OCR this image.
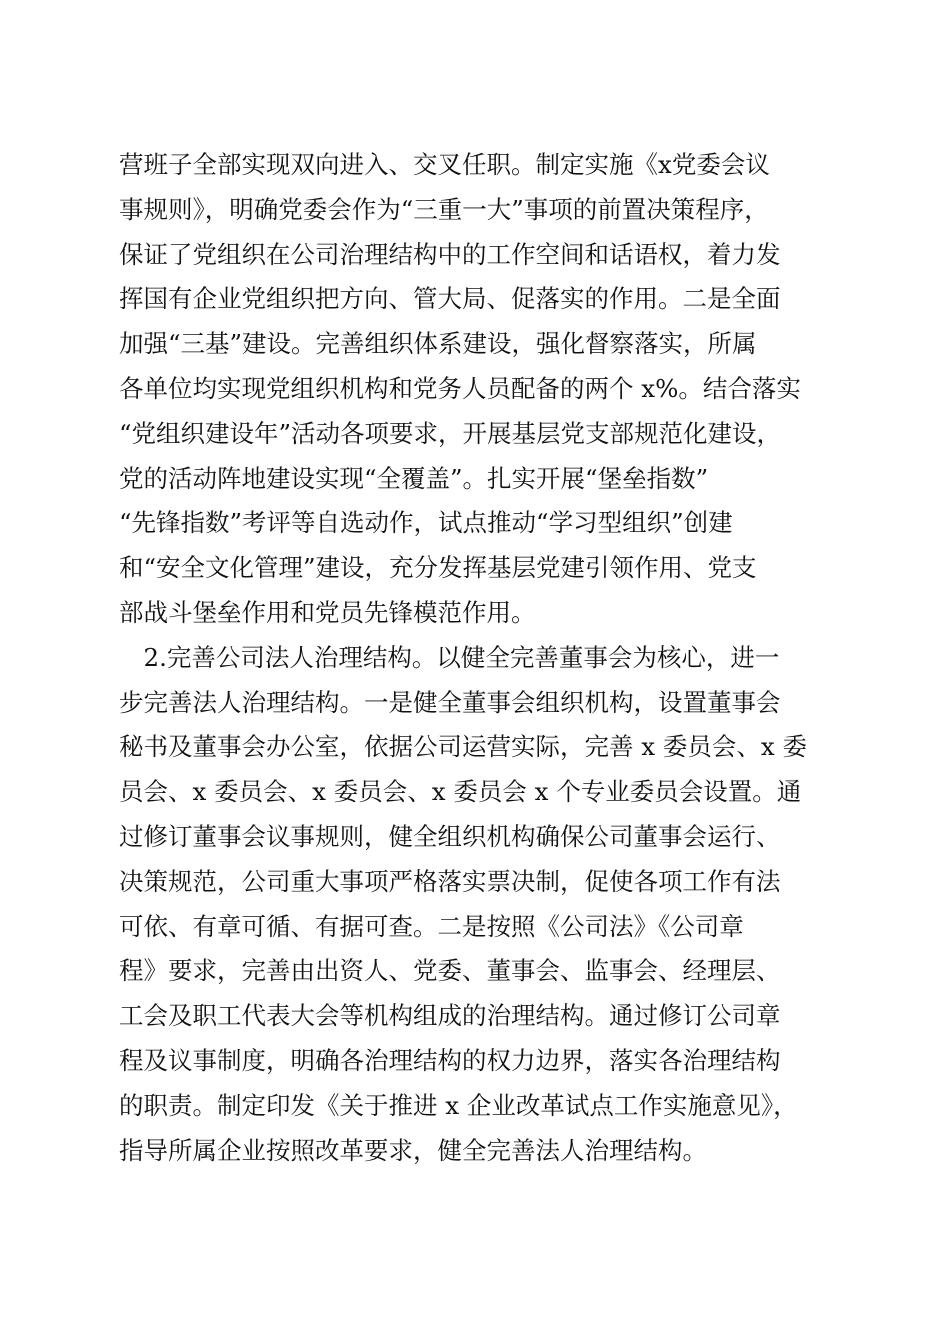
营班子全部实现双向进入、交叉任职。制定实施《x党委会议
事规则》，明确党委会作为“三重一大”事项的前置决策程序，
保证了党组织在公司治理结构中的工作空间和话语权，着力发
挥国有企业党组织把方向、管大局、促落实的作用。二是全面
加强“三基”建设。完善组织体系建设，强化督察落实，所属
各单位均实现党组织机构和党务人员配备的两个 x%。结合落实
“党组织建设年”活动各项要求，开展基层党支部规范化建设，
党的活动阵地建设实现“全覆盖”。扎实开展“堡垒指数”
“先锋指数”考评等自选动作，试点推动“学习型组织”创建
和“安全文化管理”建设，充分发挥基层党建引领作用、党支
部战斗堡垒作用和党员先锋模范作用。
　2.完善公司法人治理结构。以健全完善董事会为核心，进一
步完善法人治理结构。一是健全董事会组织机构，设置董事会
秘书及董事会办公室，依据公司运营实际，完善 x 委员会、x 委
员会、x 委员会、x 委员会、x 委员会 x 个专业委员会设置。通
过修订董事会议事规则，健全组织机构确保公司董事会运行、
决策规范，公司重大事项严格落实票决制，促使各项工作有法
可依、有章可循、有据可查。二是按照《公司法》《公司章
程》要求，完善由出资人、党委、董事会、监事会、经理层、
工会及职工代表大会等机构组成的治理结构。通过修订公司章
程及议事制度，明确各治理结构的权力边界，落实各治理结构
的职责。制定印发《关于推进 x 企业改革试点工作实施意见》，
指导所属企业按照改革要求，健全完善法人治理结构。
